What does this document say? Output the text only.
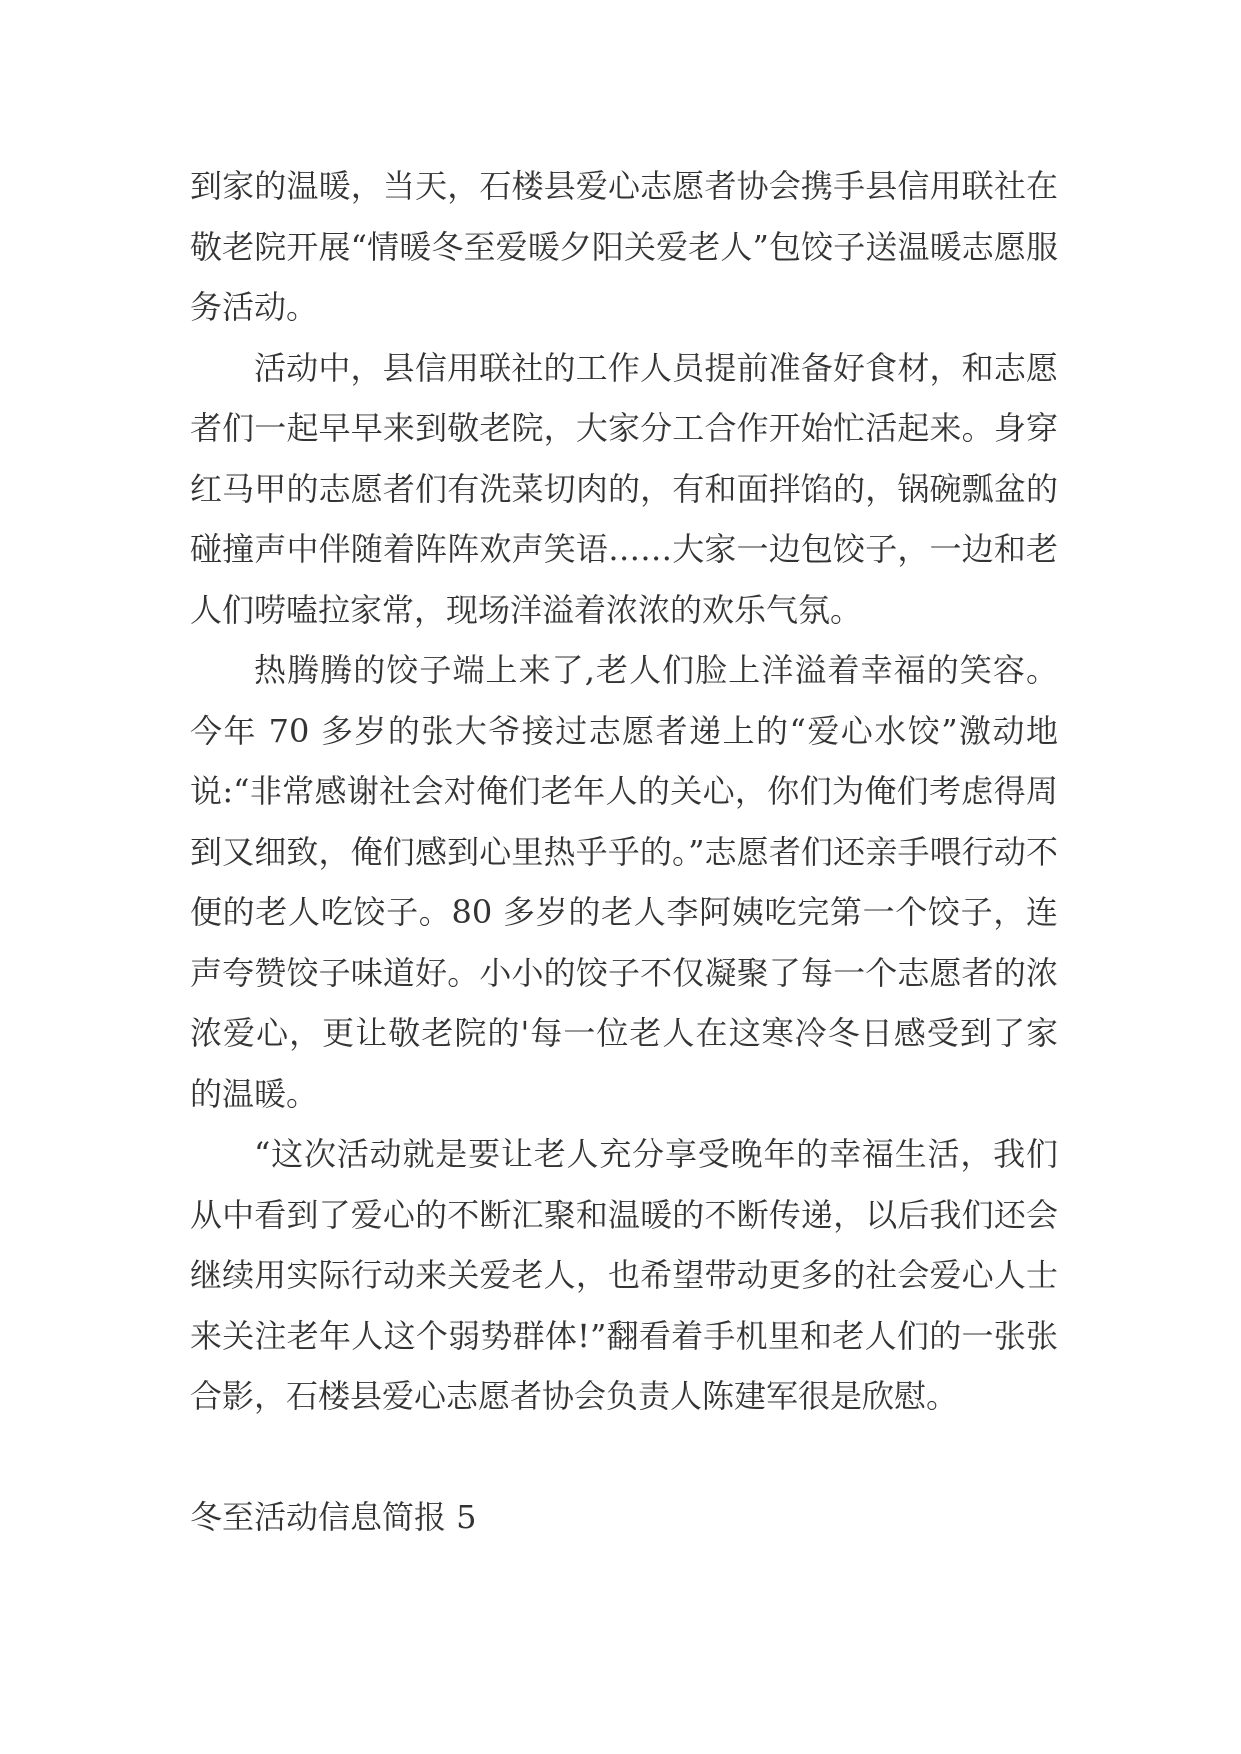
到家的温暖，当天，石楼县爱心志愿者协会携手县信用联社在敬老院开展“情暖冬至爱暖夕阳关爱老人”包饺子送温暖志愿服务活动。

活动中，县信用联社的工作人员提前准备好食材，和志愿者们一起早早来到敬老院，大家分工合作开始忙活起来。身穿红马甲的志愿者们有洗菜切肉的，有和面拌馅的，锅碗瓢盆的碰撞声中伴随着阵阵欢声笑语……大家一边包饺子，一边和老人们唠嗑拉家常，现场洋溢着浓浓的欢乐气氛。

热腾腾的饺子端上来了,老人们脸上洋溢着幸福的笑容。今年 70 多岁的张大爷接过志愿者递上的“爱心水饺”激动地说:“非常感谢社会对俺们老年人的关心，你们为俺们考虑得周到又细致，俺们感到心里热乎乎的。”志愿者们还亲手喂行动不便的老人吃饺子。80 多岁的老人李阿姨吃完第一个饺子，连声夸赞饺子味道好。小小的饺子不仅凝聚了每一个志愿者的浓浓爱心，更让敬老院的'每一位老人在这寒冷冬日感受到了家的温暖。

“这次活动就是要让老人充分享受晚年的幸福生活，我们从中看到了爱心的不断汇聚和温暖的不断传递，以后我们还会继续用实际行动来关爱老人，也希望带动更多的社会爱心人士来关注老年人这个弱势群体!”翻看着手机里和老人们的一张张合影，石楼县爱心志愿者协会负责人陈建军很是欣慰。

冬至活动信息简报 5
